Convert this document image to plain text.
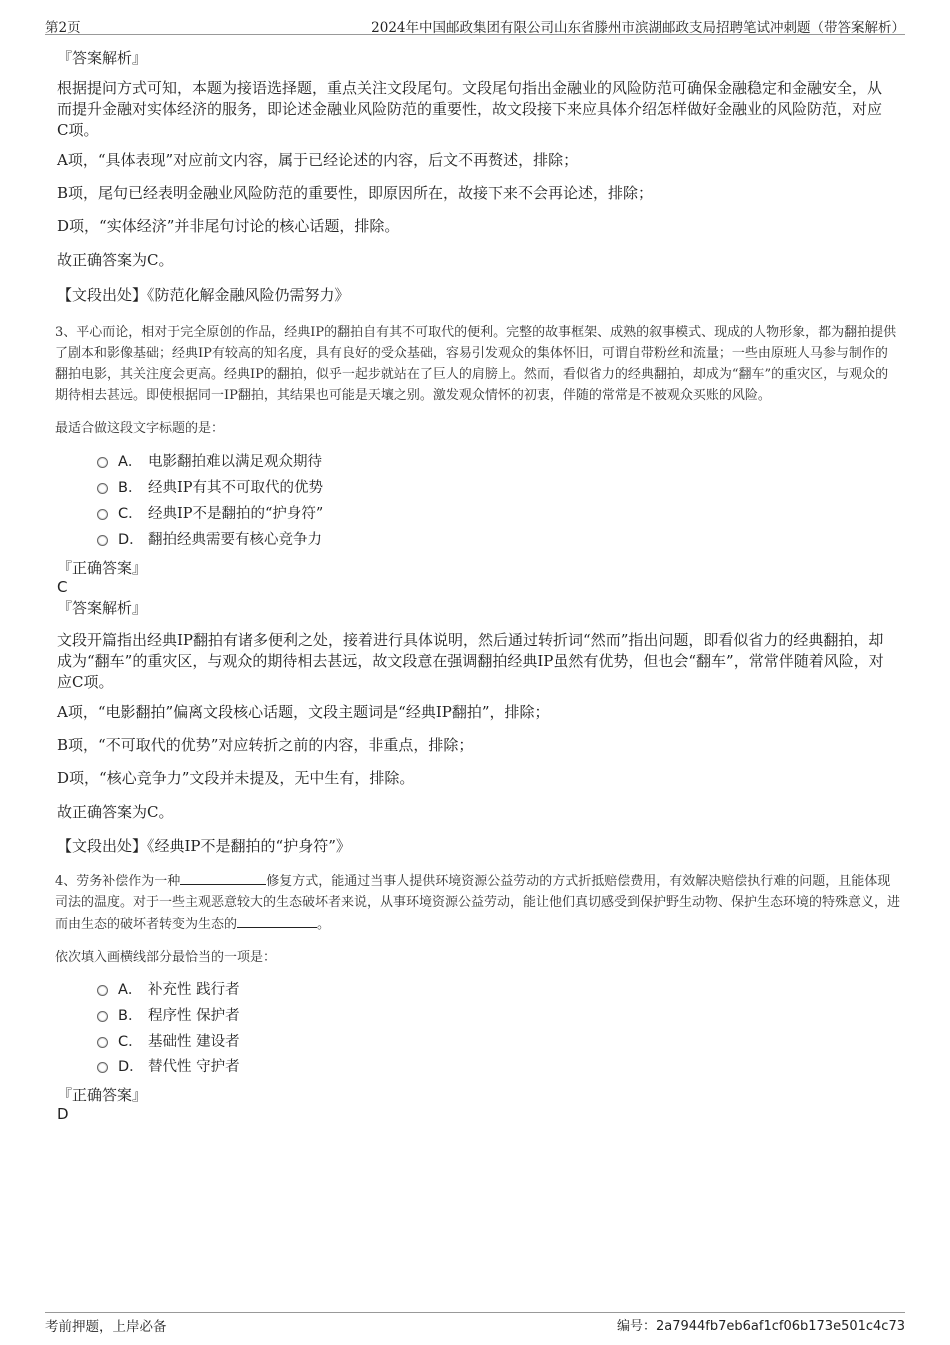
第2页	2024年中国邮政集团有限公司山东省滕州市滨湖邮政支局招聘笔试冲刺题（带答案解析）
『答案解析』
根据提问方式可知，本题为接语选择题，重点关注文段尾句。文段尾句指出金融业的风险防范可确保金融稳定和金融安全，从而提升金融对实体经济的服务，即论述金融业风险防范的重要性，故文段接下来应具体介绍怎样做好金融业的风险防范，对应C项。
A项，“具体表现”对应前文内容，属于已经论述的内容，后文不再赘述，排除；
B项，尾句已经表明金融业风险防范的重要性，即原因所在，故接下来不会再论述，排除；
D项，“实体经济”并非尾句讨论的核心话题，排除。
故正确答案为C。
【文段出处】《防范化解金融风险仍需努力》
3、平心而论，相对于完全原创的作品，经典IP的翻拍自有其不可取代的便利。完整的故事框架、成熟的叙事模式、现成的人物形象，都为翻拍提供了剧本和影像基础；经典IP有较高的知名度，具有良好的受众基础，容易引发观众的集体怀旧，可谓自带粉丝和流量；一些由原班人马参与制作的翻拍电影，其关注度会更高。经典IP的翻拍，似乎一起步就站在了巨人的肩膀上。然而，看似省力的经典翻拍，却成为“翻车”的重灾区，与观众的期待相去甚远。即使根据同一IP翻拍，其结果也可能是天壤之别。激发观众情怀的初衷，伴随的常常是不被观众买账的风险。
最适合做这段文字标题的是：
A． 电影翻拍难以满足观众期待
B． 经典IP有其不可取代的优势
C． 经典IP不是翻拍的“护身符”
D． 翻拍经典需要有核心竞争力
『正确答案』
C
『答案解析』
文段开篇指出经典IP翻拍有诸多便利之处，接着进行具体说明，然后通过转折词“然而”指出问题，即看似省力的经典翻拍，却成为“翻车”的重灾区，与观众的期待相去甚远，故文段意在强调翻拍经典IP虽然有优势，但也会“翻车”，常常伴随着风险，对应C项。
A项，“电影翻拍”偏离文段核心话题，文段主题词是“经典IP翻拍”，排除；
B项，“不可取代的优势”对应转折之前的内容，非重点，排除；
D项，“核心竞争力”文段并未提及，无中生有，排除。
故正确答案为C。
【文段出处】《经典IP不是翻拍的“护身符”》
4、劳务补偿作为一种	修复方式，能通过当事人提供环境资源公益劳动的方式折抵赔偿费用，有效解决赔偿执行难的问题，且能体现司法的温度。对于一些主观恶意较大的生态破坏者来说，从事环境资源公益劳动，能让他们真切感受到保护野生动物、保护生态环境的特殊意义，进而由生态的破坏者转变为生态的	。
依次填入画横线部分最恰当的一项是：
A． 补充性 践行者
B． 程序性 保护者
C． 基础性 建设者
D． 替代性 守护者
『正确答案』
D
考前押题，上岸必备	编号：2a7944fb7eb6af1cf06b173e501c4c73
